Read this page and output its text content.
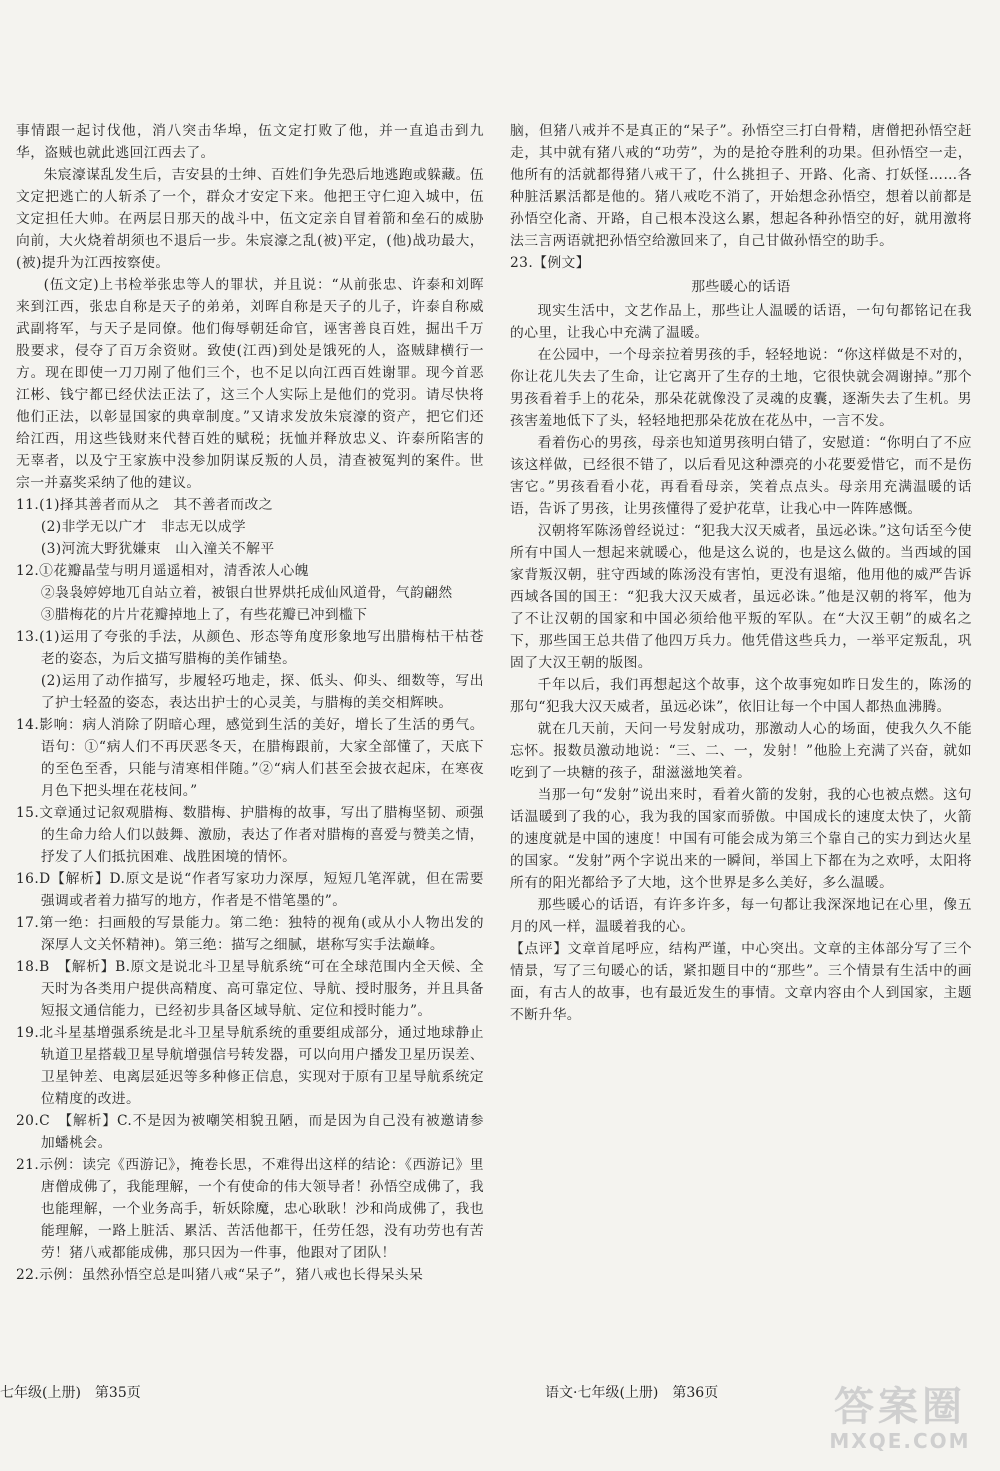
事情跟一起讨伐他，消八突击华埠，伍文定打败了他，并一直追击到九华，盗贼也就此逃回江西去了。

朱宸濠谋乱发生后，吉安县的士绅、百姓们争先恐后地逃跑或躲藏。伍文定把逃亡的人斩杀了一个，群众才安定下来。他把王守仁迎入城中，伍文定担任大帅。在两层日那天的战斗中，伍文定亲自冒着箭和垒石的威胁向前，大火烧着胡须也不退后一步。朱宸濠之乱(被)平定，(他)战功最大，(被)提升为江西按察使。

(伍文定)上书检举张忠等人的罪状，并且说：“从前张忠、许泰和刘晖来到江西，张忠自称是天子的弟弟，刘晖自称是天子的儿子，许泰自称威武副将军，与天子是同僚。他们侮辱朝廷命官，诬害善良百姓，掘出千万股要求，侵夺了百万余资财。致使(江西)到处是饿死的人，盗贼肆横行一方。现在即使一刀刀剐了他们三个，也不足以向江西百姓谢罪。现今首恶江彬、钱宁都已经伏法正法了，这三个人实际上是他们的党羽。请尽快将他们正法，以彰显国家的典章制度。”又请求发放朱宸濠的资产，把它们还给江西，用这些钱财来代替百姓的赋税；抚恤并释放忠义、许泰所陷害的无辜者，以及宁王家族中没参加阴谋反叛的人员，清查被冤判的案件。世宗一并嘉奖采纳了他的建议。

11.(1)择其善者而从之　其不善者而改之

(2)非学无以广才　非志无以成学

(3)河流大野犹嫌束　山入潼关不解平

12.①花瓣晶莹与明月遥遥相对，清香浓人心魄

②袅袅婷婷地兀自站立着，被银白世界烘托成仙风道骨，气韵翩然

③腊梅花的片片花瓣掉地上了，有些花瓣已冲到槛下

13.(1)运用了夸张的手法，从颜色、形态等角度形象地写出腊梅枯干枯苍老的姿态，为后文描写腊梅的美作铺垫。

(2)运用了动作描写，步履轻巧地走，探、低头、仰头、细数等，写出了护士轻盈的姿态，表达出护士的心灵美，与腊梅的美交相辉映。

14.影响：病人消除了阴暗心理，感觉到生活的美好，增长了生活的勇气。语句：①“病人们不再厌恶冬天，在腊梅跟前，大家全部懂了，天底下的至色至香，只能与清寒相伴随。”②“病人们甚至会披衣起床，在寒夜月色下把头埋在花枝间。”

15.文章通过记叙观腊梅、数腊梅、护腊梅的故事，写出了腊梅坚韧、顽强的生命力给人们以鼓舞、激励，表达了作者对腊梅的喜爱与赞美之情，抒发了人们抵抗困难、战胜困境的情怀。

16.D【解析】D.原文是说“作者写家功力深厚，短短几笔浑就，但在需要强调或者着力描写的地方，作者是不惜笔墨的”。

17.第一绝：扫画般的写景能力。第二绝：独特的视角(或从小人物出发的深厚人文关怀精神)。第三绝：描写之细腻，堪称写实手法巅峰。

18.B　【解析】B.原文是说北斗卫星导航系统“可在全球范围内全天候、全天时为各类用户提供高精度、高可靠定位、导航、授时服务，并且具备短报文通信能力，已经初步具备区域导航、定位和授时能力”。

19.北斗星基增强系统是北斗卫星导航系统的重要组成部分，通过地球静止轨道卫星搭载卫星导航增强信号转发器，可以向用户播发卫星历误差、卫星钟差、电离层延迟等多种修正信息，实现对于原有卫星导航系统定位精度的改进。

20.C　【解析】C.不是因为被嘲笑相貌丑陋，而是因为自己没有被邀请参加蟠桃会。

21.示例：读完《西游记》，掩卷长思，不难得出这样的结论：《西游记》里唐僧成佛了，我能理解，一个有使命的伟大领导者！孙悟空成佛了，我也能理解，一个业务高手，斩妖除魔，忠心耿耿！沙和尚成佛了，我也能理解，一路上脏活、累活、苦活他都干，任劳任怨，没有功劳也有苦劳！猪八戒都能成佛，那只因为一件事，他跟对了团队！

22.示例：虽然孙悟空总是叫猪八戒“呆子”，猪八戒也长得呆头呆

脑，但猪八戒并不是真正的“呆子”。孙悟空三打白骨精，唐僧把孙悟空赶走，其中就有猪八戒的“功劳”，为的是抢夺胜利的功果。但孙悟空一走，他所有的活就都得猪八戒干了，什么挑担子、开路、化斋、打妖怪……各种脏活累活都是他的。猪八戒吃不消了，开始想念孙悟空，想着以前都是孙悟空化斋、开路，自己根本没这么累，想起各种孙悟空的好，就用激将法三言两语就把孙悟空给激回来了，自己甘做孙悟空的助手。

23.【例文】

那些暖心的话语

现实生活中，文艺作品上，那些让人温暖的话语，一句句都铭记在我的心里，让我心中充满了温暖。

在公园中，一个母亲拉着男孩的手，轻轻地说：“你这样做是不对的，你让花儿失去了生命，让它离开了生存的土地，它很快就会凋谢掉。”那个男孩看着手上的花朵，那朵花就像没了灵魂的皮囊，逐渐失去了生机。男孩害羞地低下了头，轻轻地把那朵花放在花丛中，一言不发。

看着伤心的男孩，母亲也知道男孩明白错了，安慰道：“你明白了不应该这样做，已经很不错了，以后看见这种漂亮的小花要爱惜它，而不是伤害它。”男孩看看小花，再看看母亲，笑着点点头。母亲用充满温暖的话语，告诉了男孩，让男孩懂得了爱护花草，让我心中一阵阵感慨。

汉朝将军陈汤曾经说过：“犯我大汉天威者，虽远必诛。”这句话至今使所有中国人一想起来就暖心，他是这么说的，也是这么做的。当西域的国家背叛汉朝，驻守西域的陈汤没有害怕，更没有退缩，他用他的威严告诉西域各国的国王：“犯我大汉天威者，虽远必诛。”他是汉朝的将军，他为了不让汉朝的国家和中国必须给他平叛的军队。在“大汉王朝”的威名之下，那些国王总共借了他四万兵力。他凭借这些兵力，一举平定叛乱，巩固了大汉王朝的版图。

千年以后，我们再想起这个故事，这个故事宛如昨日发生的，陈汤的那句“犯我大汉天威者，虽远必诛”，依旧让每一个中国人都热血沸腾。

就在几天前，天问一号发射成功，那激动人心的场面，使我久久不能忘怀。报数员激动地说：“三、二、一，发射！”他脸上充满了兴奋，就如吃到了一块糖的孩子，甜滋滋地笑着。

当那一句“发射”说出来时，看着火箭的发射，我的心也被点燃。这句话温暖到了我的心，我为我的国家而骄傲。中国成长的速度太快了，火箭的速度就是中国的速度！中国有可能会成为第三个靠自己的实力到达火星的国家。“发射”两个字说出来的一瞬间，举国上下都在为之欢呼，太阳将所有的阳光都给予了大地，这个世界是多么美好，多么温暖。

那些暖心的话语，有许多许多，每一句都让我深深地记在心里，像五月的风一样，温暖着我的心。

【点评】文章首尾呼应，结构严谨，中心突出。文章的主体部分写了三个情景，写了三句暖心的话，紧扣题目中的“那些”。三个情景有生活中的画面，有古人的故事，也有最近发生的事情。文章内容由个人到国家，主题不断升华。

七年级(上册)　第35页	语文·七年级(上册)　第36页	答案圈
MXQE.COM
